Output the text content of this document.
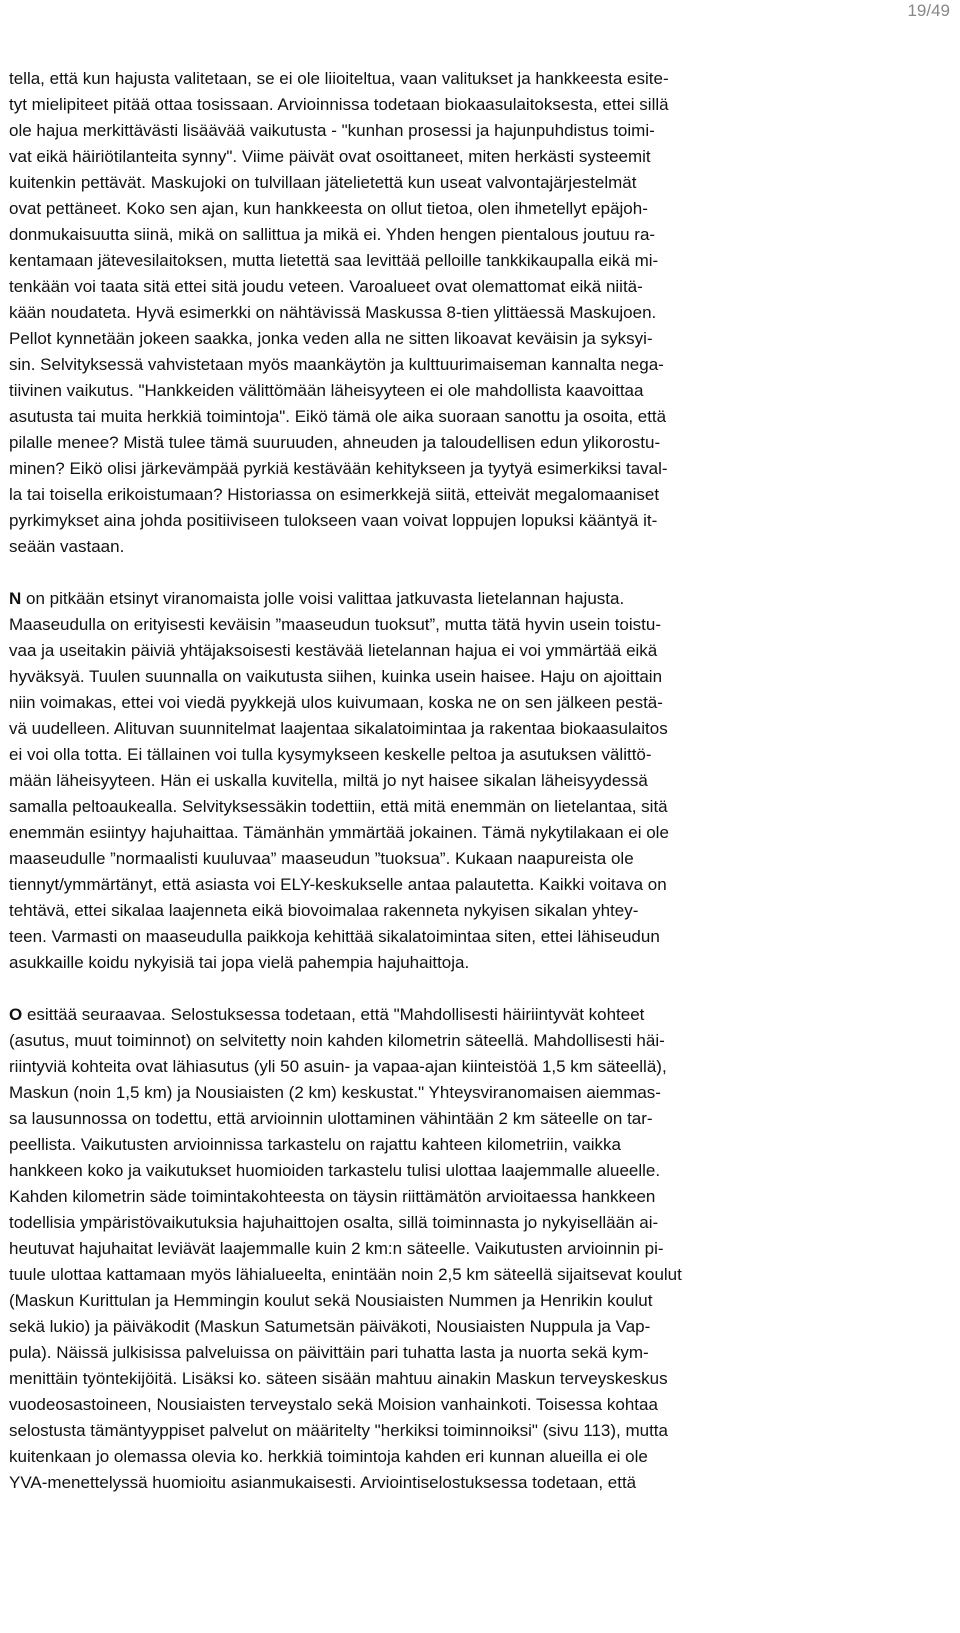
19/49

tella, että kun hajusta valitetaan, se ei ole liioiteltua, vaan valitukset ja hankkeesta esite-
tyt mielipiteet pitää ottaa tosissaan. Arvioinnissa todetaan biokaasulaitoksesta, ettei sillä
ole hajua merkittävästi lisäävää vaikutusta - "kunhan prosessi ja hajunpuhdistus toimi-
vat eikä häiriötilanteita synny". Viime päivät ovat osoittaneet, miten herkästi systeemit
kuitenkin pettävät. Maskujoki on tulvillaan jätelietettä kun useat valvontajärjestelmät
ovat pettäneet. Koko sen ajan, kun hankkeesta on ollut tietoa, olen ihmetellyt epäjoh-
donmukaisuutta siinä, mikä on sallittua ja mikä ei. Yhden hengen pientalous joutuu ra-
kentamaan jätevesilaitoksen, mutta lietettä saa levittää pelloille tankkikaupalla eikä mi-
tenkään voi taata sitä ettei sitä joudu veteen. Varoalueet ovat olemattomat eikä niitä-
kään noudateta. Hyvä esimerkki on nähtävissä Maskussa 8-tien ylittäessä Maskujoen.
Pellot kynnetään jokeen saakka, jonka veden alla ne sitten likoavat keväisin ja syksyi-
sin. Selvityksessä vahvistetaan myös maankäytön ja kulttuurimaiseman kannalta nega-
tiivinen vaikutus. "Hankkeiden välittömään läheisyyteen ei ole mahdollista kaavoittaa
asutusta tai muita herkkiä toimintoja". Eikö tämä ole aika suoraan sanottu ja osoita, että
pilalle menee? Mistä tulee tämä suuruuden, ahneuden ja taloudellisen edun ylikorostu-
minen? Eikö olisi järkevämpää pyrkiä kestävään kehitykseen ja tyytyä esimerkiksi taval-
la tai toisella erikoistumaan? Historiassa on esimerkkejä siitä, etteivät megalomaaniset
pyrkimykset aina johda positiiviseen tulokseen vaan voivat loppujen lopuksi kääntyä it-
seään vastaan.

N on pitkään etsinyt viranomaista jolle voisi valittaa jatkuvasta lietelannan hajusta.
Maaseudulla on erityisesti keväisin ”maaseudun tuoksut”, mutta tätä hyvin usein toistu-
vaa ja useitakin päiviä yhtäjaksoisesti kestävää lietelannan hajua ei voi ymmärtää eikä
hyväksyä. Tuulen suunnalla on vaikutusta siihen, kuinka usein haisee. Haju on ajoittain
niin voimakas, ettei voi viedä pyykkejä ulos kuivumaan, koska ne on sen jälkeen pestä-
vä uudelleen. Alituvan suunnitelmat laajentaa sikalatoimintaa ja rakentaa biokaasulaitos
ei voi olla totta. Ei tällainen voi tulla kysymykseen keskelle peltoa ja asutuksen välittö-
mään läheisyyteen. Hän ei uskalla kuvitella, miltä jo nyt haisee sikalan läheisyydessä
samalla peltoaukealla. Selvityksessäkin todettiin, että mitä enemmän on lietelantaa, sitä
enemmän esiintyy hajuhaittaa. Tämänhän ymmärtää jokainen. Tämä nykytilakaan ei ole
maaseudulle ”normaalisti kuuluvaa” maaseudun ”tuoksua”. Kukaan naapureista ole
tiennyt/ymmärtänyt, että asiasta voi ELY-keskukselle antaa palautetta. Kaikki voitava on
tehtävä, ettei sikalaa laajenneta eikä biovoimalaa rakenneta nykyisen sikalan yhtey-
teen. Varmasti on maaseudulla paikkoja kehittää sikalatoimintaa siten, ettei lähiseudun
asukkaille koidu nykyisiä tai jopa vielä pahempia hajuhaittoja.

O esittää seuraavaa. Selostuksessa todetaan, että "Mahdollisesti häiriintyvät kohteet
(asutus, muut toiminnot) on selvitetty noin kahden kilometrin säteellä. Mahdollisesti häi-
riintyviä kohteita ovat lähiasutus (yli 50 asuin- ja vapaa-ajan kiinteistöä 1,5 km säteellä),
Maskun (noin 1,5 km) ja Nousiaisten (2 km) keskustat." Yhteysviranomaisen aiemmas-
sa lausunnossa on todettu, että arvioinnin ulottaminen vähintään 2 km säteelle on tar-
peellista. Vaikutusten arvioinnissa tarkastelu on rajattu kahteen kilometriin, vaikka
hankkeen koko ja vaikutukset huomioiden tarkastelu tulisi ulottaa laajemmalle alueelle.
Kahden kilometrin säde toimintakohteesta on täysin riittämätön arvioitaessa hankkeen
todellisia ympäristövaikutuksia hajuhaittojen osalta, sillä toiminnasta jo nykyisellään ai-
heutuvat hajuhaitat leviävät laajemmalle kuin 2 km:n säteelle. Vaikutusten arvioinnin pi-
tuule ulottaa kattamaan myös lähialueelta, enintään noin 2,5 km säteellä sijaitsevat koulut
(Maskun Kurittulan ja Hemmingin koulut sekä Nousiaisten Nummen ja Henrikin koulut
sekä lukio) ja päiväkodit (Maskun Satumetsän päiväkoti, Nousiaisten Nuppula ja Vap-
pula). Näissä julkisissa palveluissa on päivittäin pari tuhatta lasta ja nuorta sekä kym-
menittäin työntekijöitä. Lisäksi ko. säteen sisään mahtuu ainakin Maskun terveyskeskus
vuodeosastoineen, Nousiaisten terveystalo sekä Moision vanhainkoti. Toisessa kohtaa
selostusta tämäntyyppiset palvelut on määritelty "herkiksi toiminnoiksi" (sivu 113), mutta
kuitenkaan jo olemassa olevia ko. herkkiä toimintoja kahden eri kunnan alueilla ei ole
YVA-menettelyssä huomioitu asianmukaisesti. Arviointiselostuksessa todetaan, että
